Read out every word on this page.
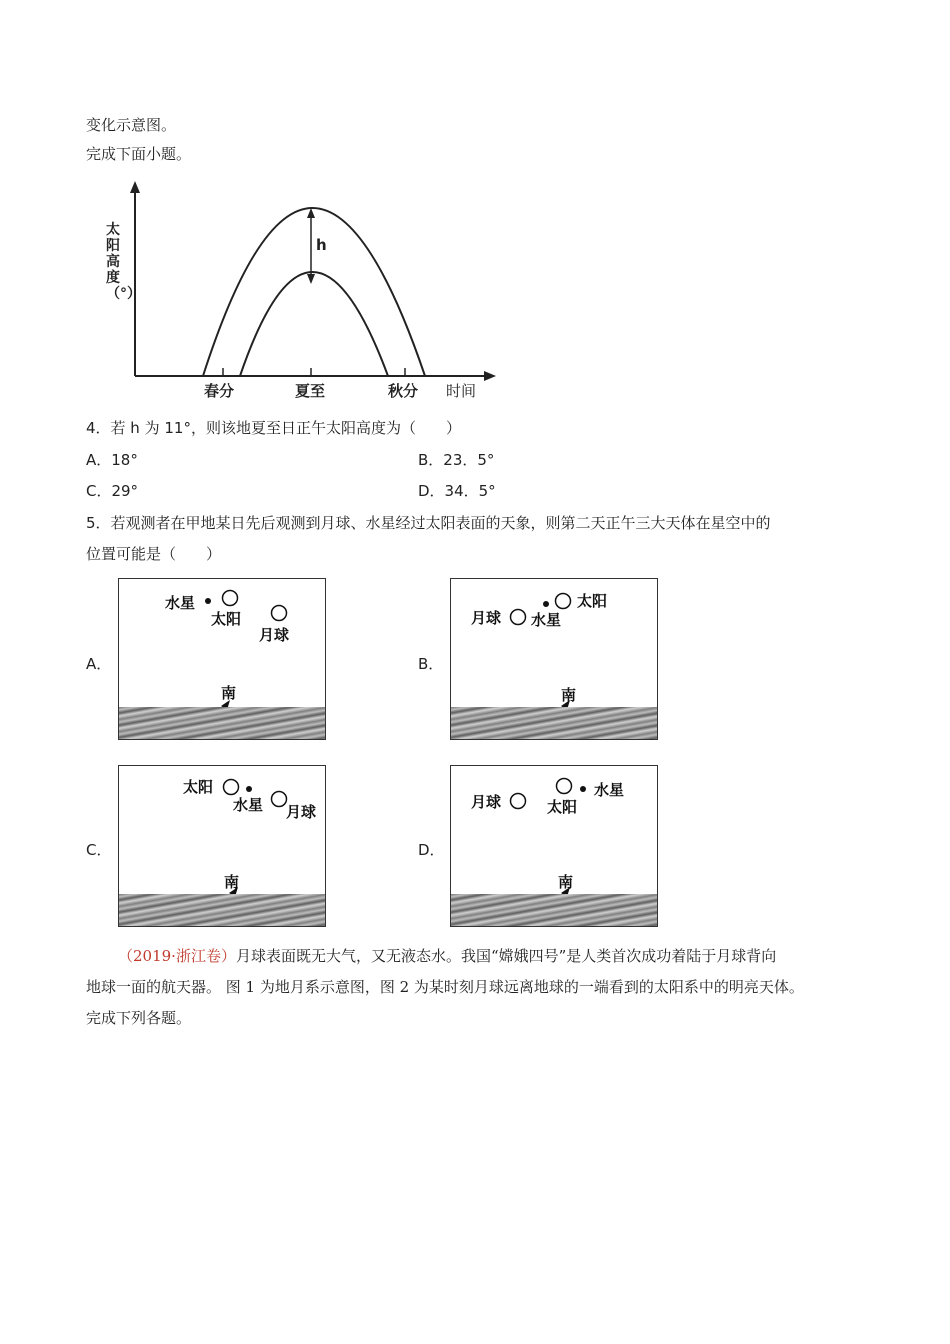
变化示意图。
完成下面小题。
太阳高度（°）
h
春分	夏至	秋分 时间
4．若 h 为 11°，则该地夏至日正午太阳高度为（　　）
A．18°	B．23．5°
C．29°	D．34．5°
5．若观测者在甲地某日先后观测到月球、水星经过太阳表面的天象，则第二天正午三大天体在星空中的
位置可能是（　　）
A．
水星
太阳
月球
南
B．
太阳
月球 水星
南
C．
太阳
水星 月球
南
D．
水星
月球	太阳
南
（2019·浙江卷）月球表面既无大气，又无液态水。我国“嫦娥四号”是人类首次成功着陆于月球背向
地球一面的航天器。 图 1 为地月系示意图，图 2 为某时刻月球远离地球的一端看到的太阳系中的明亮天体。
完成下列各题。
